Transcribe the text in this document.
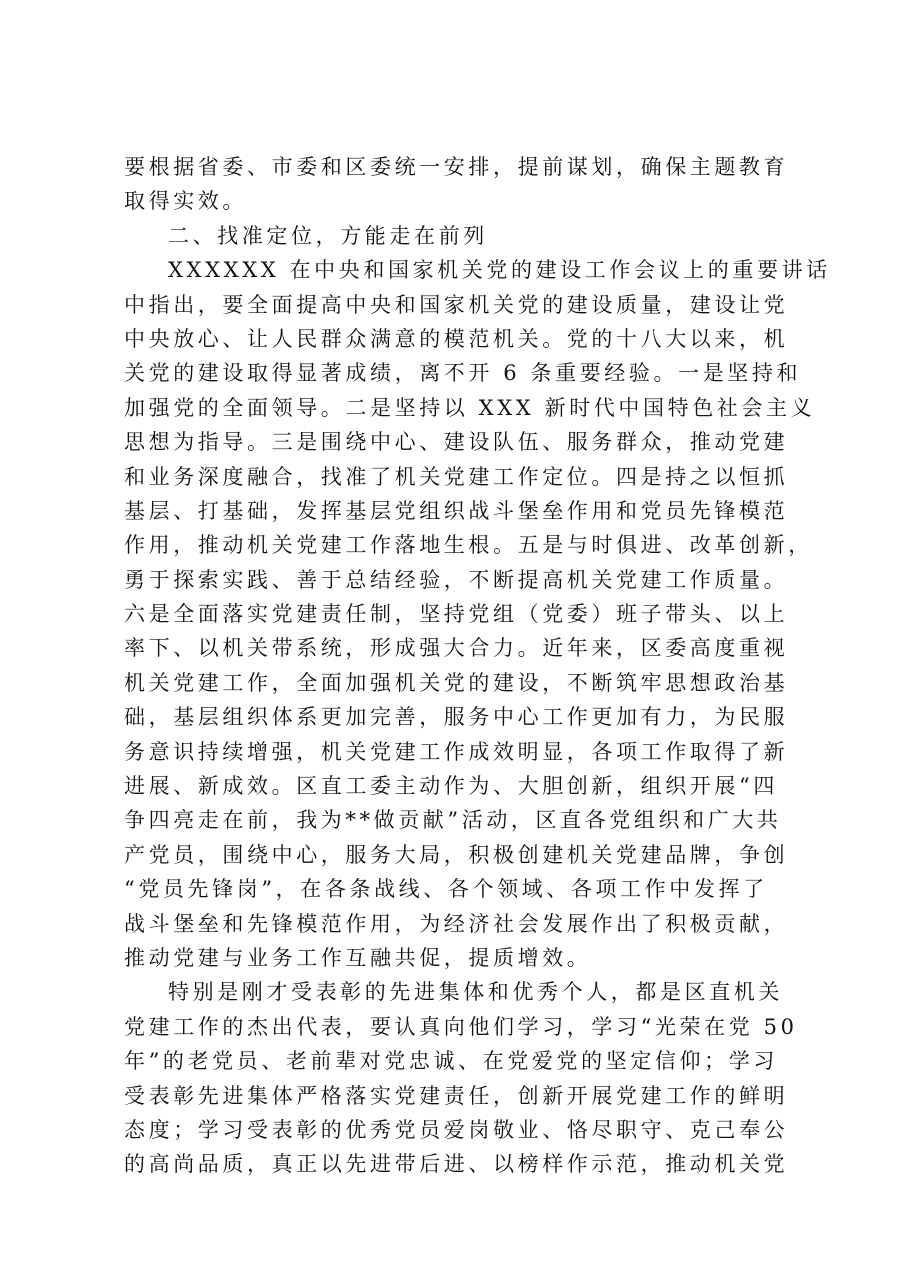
要根据省委、市委和区委统一安排，提前谋划，确保主题教育
取得实效。
二、找准定位，方能走在前列
XXXXXX 在中央和国家机关党的建设工作会议上的重要讲话
中指出，要全面提高中央和国家机关党的建设质量，建设让党
中央放心、让人民群众满意的模范机关。党的十八大以来，机
关党的建设取得显著成绩，离不开 6 条重要经验。一是坚持和
加强党的全面领导。二是坚持以 XXX 新时代中国特色社会主义
思想为指导。三是围绕中心、建设队伍、服务群众，推动党建
和业务深度融合，找准了机关党建工作定位。四是持之以恒抓
基层、打基础，发挥基层党组织战斗堡垒作用和党员先锋模范
作用，推动机关党建工作落地生根。五是与时俱进、改革创新，
勇于探索实践、善于总结经验，不断提高机关党建工作质量。
六是全面落实党建责任制，坚持党组（党委）班子带头、以上
率下、以机关带系统，形成强大合力。近年来，区委高度重视
机关党建工作，全面加强机关党的建设，不断筑牢思想政治基
础，基层组织体系更加完善，服务中心工作更加有力，为民服
务意识持续增强，机关党建工作成效明显，各项工作取得了新
进展、新成效。区直工委主动作为、大胆创新，组织开展“四
争四亮走在前，我为**做贡献”活动，区直各党组织和广大共
产党员，围绕中心，服务大局，积极创建机关党建品牌，争创
“党员先锋岗”，在各条战线、各个领域、各项工作中发挥了
战斗堡垒和先锋模范作用，为经济社会发展作出了积极贡献，
推动党建与业务工作互融共促，提质增效。
特别是刚才受表彰的先进集体和优秀个人，都是区直机关
党建工作的杰出代表，要认真向他们学习，学习“光荣在党 50
年”的老党员、老前辈对党忠诚、在党爱党的坚定信仰；学习
受表彰先进集体严格落实党建责任，创新开展党建工作的鲜明
态度；学习受表彰的优秀党员爱岗敬业、恪尽职守、克己奉公
的高尚品质，真正以先进带后进、以榜样作示范，推动机关党
